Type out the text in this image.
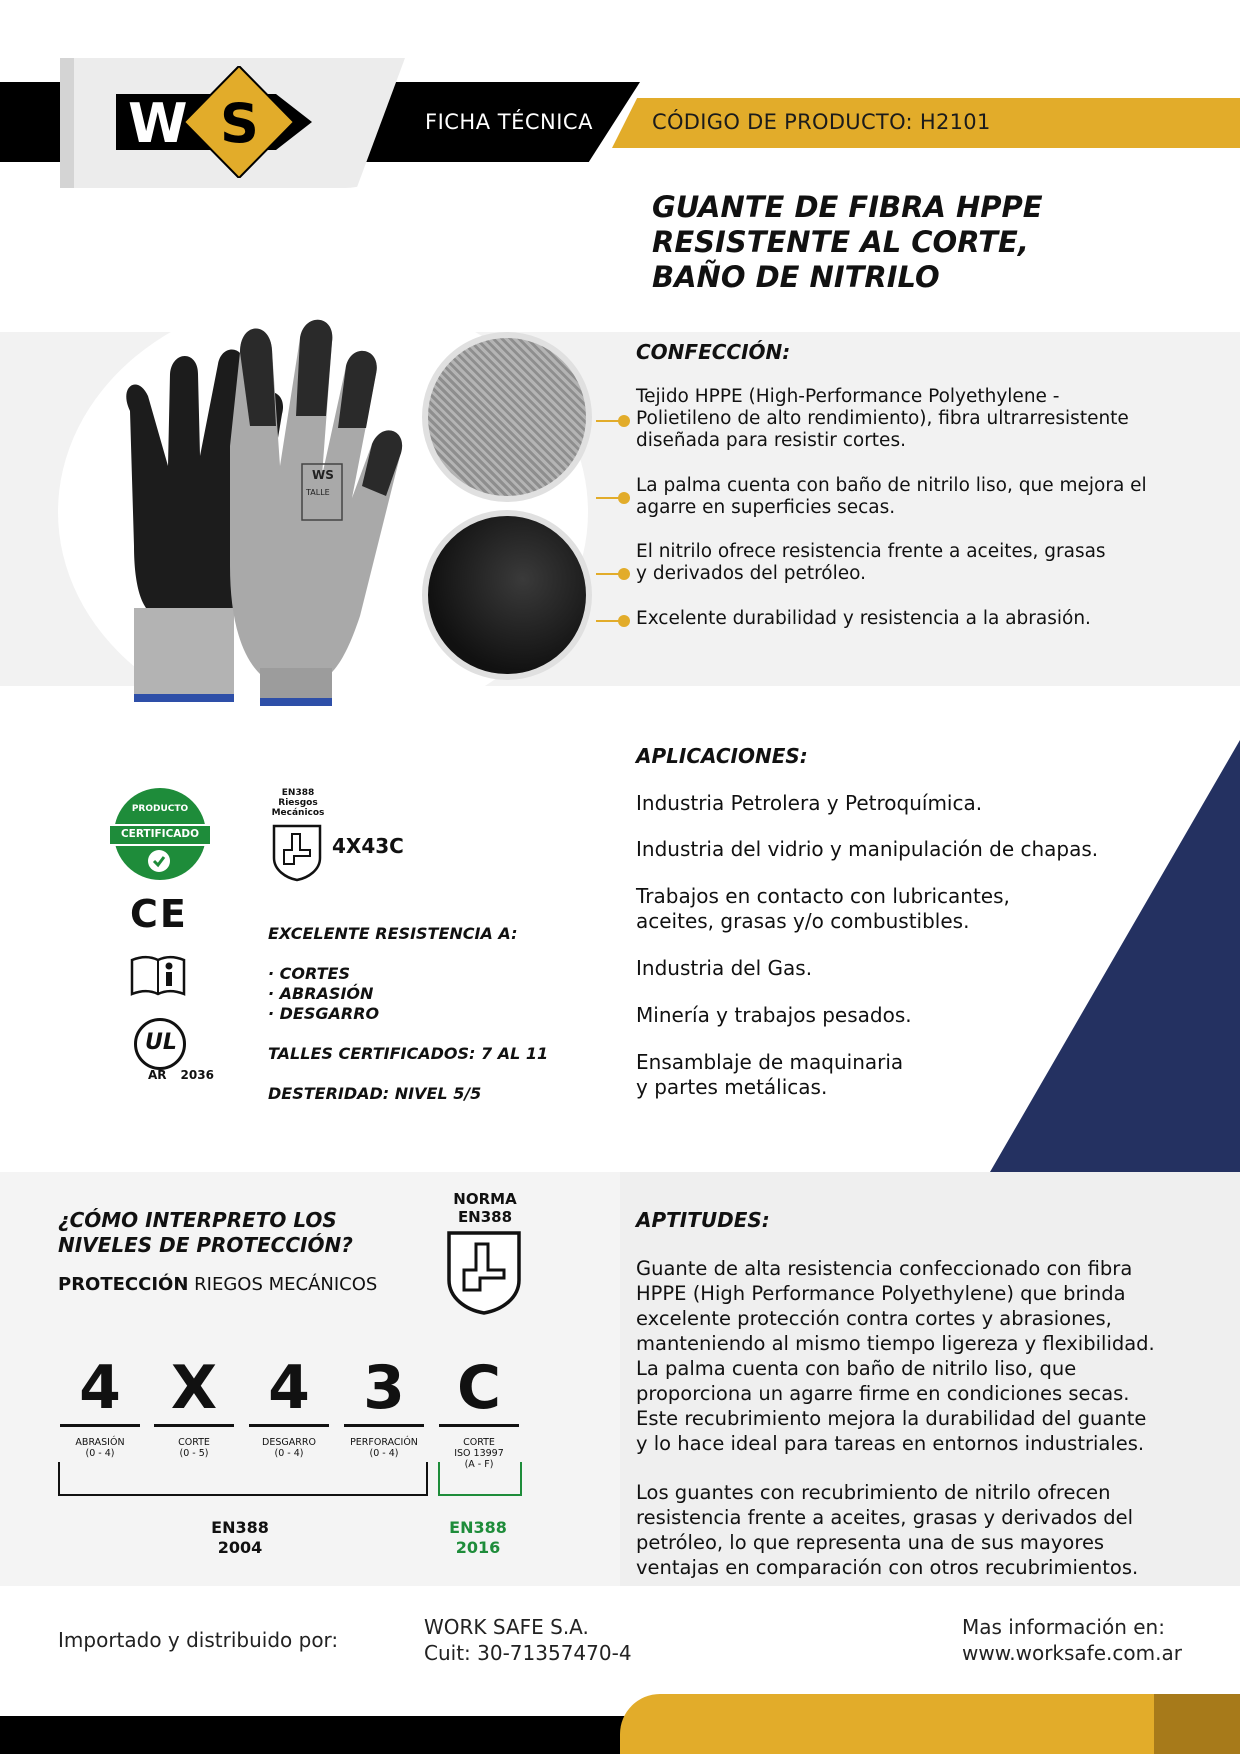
W S	FICHA TÉCNICA	CÓDIGO DE PRODUCTO: H2101
GUANTE DE FIBRA HPPE
RESISTENTE AL CORTE,
BAÑO DE NITRILO
WS
TALLE
CONFECCIÓN:
Tejido HPPE (High-Performance Polyethylene -
Polietileno de alto rendimiento), fibra ultrarresistente
diseñada para resistir cortes.
La palma cuenta con baño de nitrilo liso, que mejora el
agarre en superficies secas.
El nitrilo ofrece resistencia frente a aceites, grasas
y derivados del petróleo.
Excelente durabilidad y resistencia a la abrasión.
PRODUCTO
CERTIFICADO
CE
UL
AR 2036
EN388
Riesgos
Mecánicos
4X43C
EXCELENTE RESISTENCIA A:
· CORTES
· ABRASIÓN
· DESGARRO
TALLES CERTIFICADOS: 7 AL 11
DESTERIDAD: NIVEL 5/5
APLICACIONES:
Industria Petrolera y Petroquímica.
Industria del vidrio y manipulación de chapas.
Trabajos en contacto con lubricantes,
aceites, grasas y/o combustibles.
Industria del Gas.
Minería y trabajos pesados.
Ensamblaje de maquinaria
y partes metálicas.
¿CÓMO INTERPRETO LOS
NIVELES DE PROTECCIÓN?
PROTECCIÓN RIEGOS MECÁNICOS
NORMA
EN388
4
ABRASIÓN
(0 - 4)
X
CORTE
(0 - 5)
4
DESGARRO
(0 - 4)
3
PERFORACIÓN
(0 - 4)
C
CORTE
ISO 13997
(A - F)
EN388
2004
EN388
2016
APTITUDES:
Guante de alta resistencia confeccionado con fibra
HPPE (High Performance Polyethylene) que brinda
excelente protección contra cortes y abrasiones,
manteniendo al mismo tiempo ligereza y flexibilidad.
La palma cuenta con baño de nitrilo liso, que
proporciona un agarre firme en condiciones secas.
Este recubrimiento mejora la durabilidad del guante
y lo hace ideal para tareas en entornos industriales.
Los guantes con recubrimiento de nitrilo ofrecen
resistencia frente a aceites, grasas y derivados del
petróleo, lo que representa una de sus mayores
ventajas en comparación con otros recubrimientos.
Importado y distribuido por:
WORK SAFE S.A.
Cuit: 30-71357470-4
Mas información en:
www.worksafe.com.ar
